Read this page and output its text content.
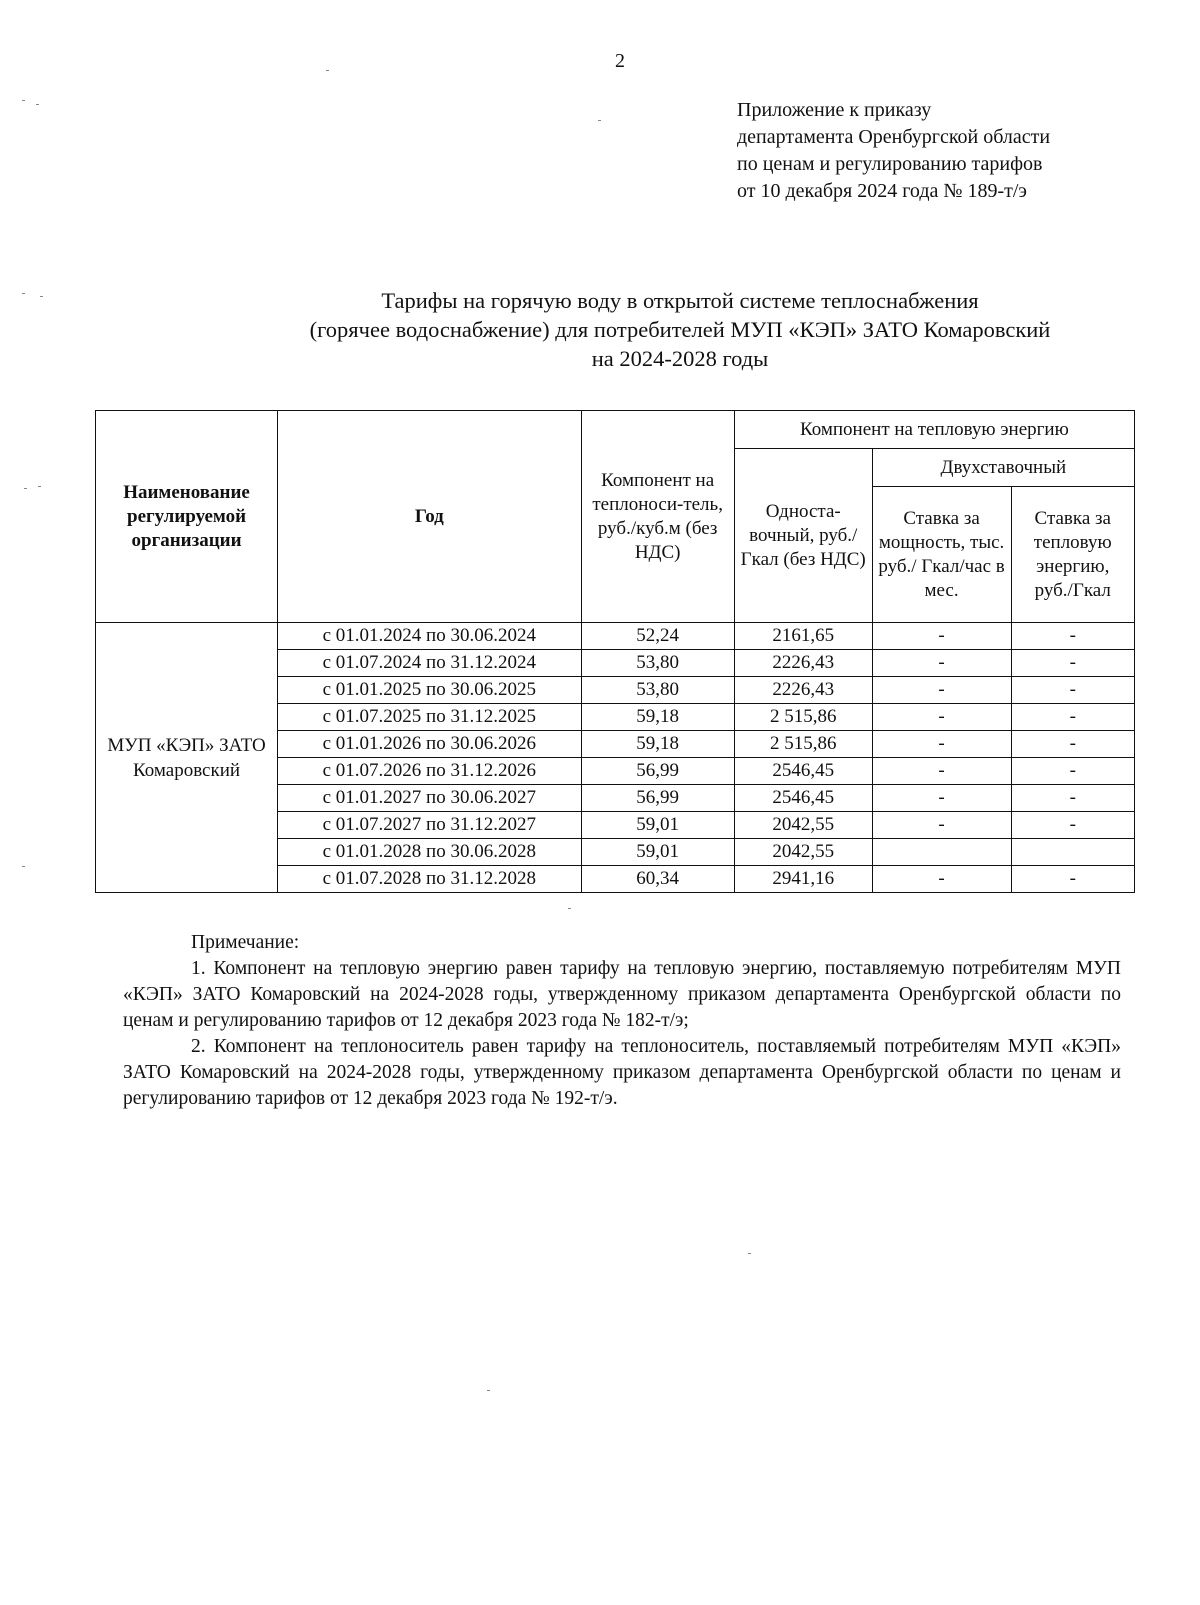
2
Приложение к приказу
департамента Оренбургской области
по ценам и регулированию тарифов
от 10 декабря 2024 года № 189-т/э
Тарифы на горячую воду в открытой системе теплоснабжения
(горячее водоснабжение) для потребителей МУП «КЭП» ЗАТО Комаровский
на 2024-2028 годы
Наименование регулируемой организации	Год	Компонент на теплоноси-тель, руб./куб.м (без НДС)	Компонент на тепловую энергию		
			Односта-вочный, руб./Гкал (без НДС)	Двухставочный	
				Ставка за мощность, тыс. руб./ Гкал/час в мес.	Ставка за тепловую энергию, руб./Гкал
МУП «КЭП» ЗАТО Комаровский	с 01.01.2024 по 30.06.2024	52,24	2161,65	-	-
	с 01.07.2024 по 31.12.2024	53,80	2226,43	-	-
	с 01.01.2025 по 30.06.2025	53,80	2226,43	-	-
	с 01.07.2025 по 31.12.2025	59,18	2 515,86	-	-
	с 01.01.2026 по 30.06.2026	59,18	2 515,86	-	-
	с 01.07.2026 по 31.12.2026	56,99	2546,45	-	-
	с 01.01.2027 по 30.06.2027	56,99	2546,45	-	-
	с 01.07.2027 по 31.12.2027	59,01	2042,55	-	-
	с 01.01.2028 по 30.06.2028	59,01	2042,55		
	с 01.07.2028 по 31.12.2028	60,34	2941,16	-	-
Примечание:

1. Компонент на тепловую энергию равен тарифу на тепловую энергию, поставляемую потребителям МУП «КЭП» ЗАТО Комаровский на 2024-2028 годы, утвержденному приказом департамента Оренбургской области по ценам и регулированию тарифов от 12 декабря 2023 года № 182-т/э;

2. Компонент на теплоноситель равен тарифу на теплоноситель, поставляемый потребителям МУП «КЭП» ЗАТО Комаровский на 2024-2028 годы, утвержденному приказом департамента Оренбургской области по ценам и регулированию тарифов от 12 декабря 2023 года № 192-т/э.
